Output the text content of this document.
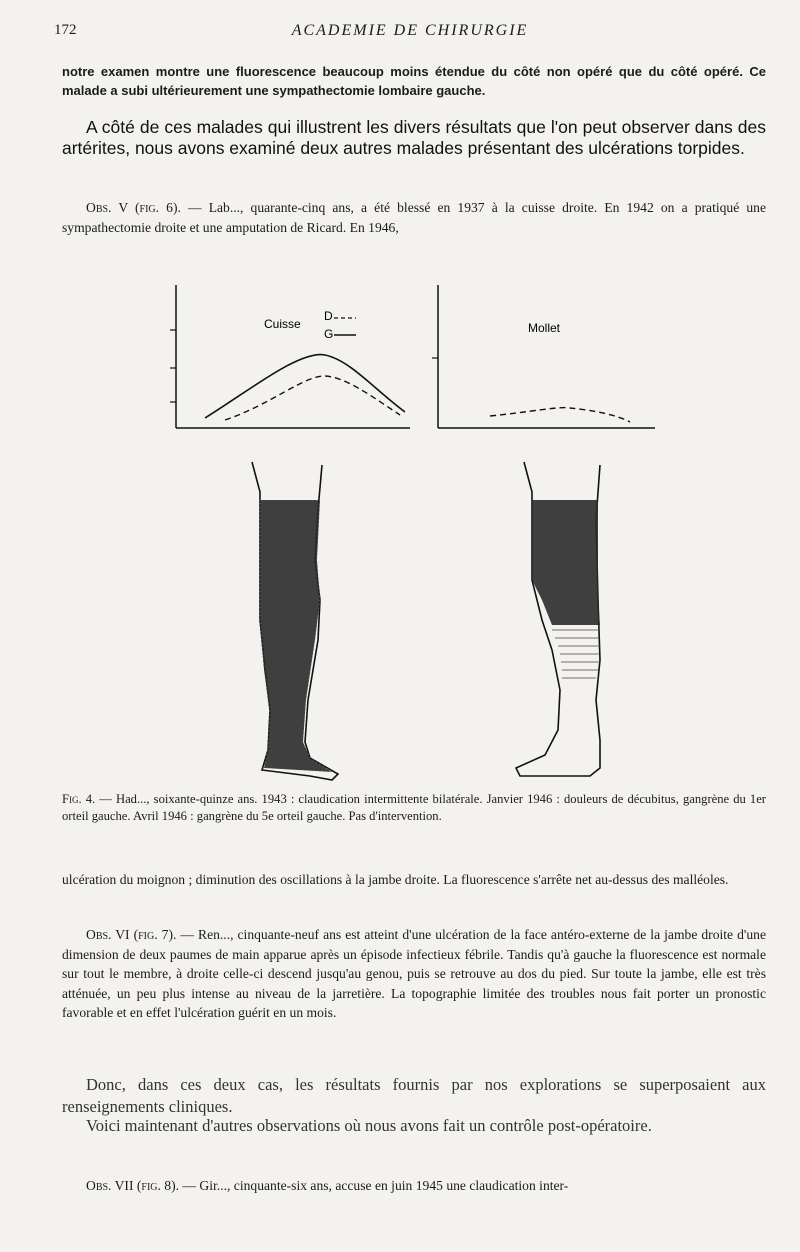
172	ACADEMIE DE CHIRURGIE
notre examen montre une fluorescence beaucoup moins étendue du côté non opéré que du côté opéré. Ce malade a subi ultérieurement une sympathectomie lombaire gauche.
A côté de ces malades qui illustrent les divers résultats que l'on peut observer dans des artérites, nous avons examiné deux autres malades présentant des ulcérations torpides.
Obs. V (fig. 6). — Lab..., quarante-cinq ans, a été blessé en 1937 à la cuisse droite. En 1942 on a pratiqué une sympathectomie droite et une amputation de Ricard. En 1946,
Cuisse
D
G	Mollet
Fig. 4. — Had..., soixante-quinze ans. 1943 : claudication intermittente bilatérale. Janvier 1946 : douleurs de décubitus, gangrène du 1er orteil gauche. Avril 1946 : gangrène du 5e orteil gauche. Pas d'intervention.
ulcération du moignon ; diminution des oscillations à la jambe droite. La fluorescence s'arrête net au-dessus des malléoles.
Obs. VI (fig. 7). — Ren..., cinquante-neuf ans est atteint d'une ulcération de la face antéro-externe de la jambe droite d'une dimension de deux paumes de main apparue après un épisode infectieux fébrile. Tandis qu'à gauche la fluorescence est normale sur tout le membre, à droite celle-ci descend jusqu'au genou, puis se retrouve au dos du pied. Sur toute la jambe, elle est très atténuée, un peu plus intense au niveau de la jarretière. La topographie limitée des troubles nous fait porter un pronostic favorable et en effet l'ulcération guérit en un mois.
Donc, dans ces deux cas, les résultats fournis par nos explorations se superposaient aux renseignements cliniques.
Voici maintenant d'autres observations où nous avons fait un contrôle post-opératoire.
Obs. VII (fig. 8). — Gir..., cinquante-six ans, accuse en juin 1945 une claudication inter-
